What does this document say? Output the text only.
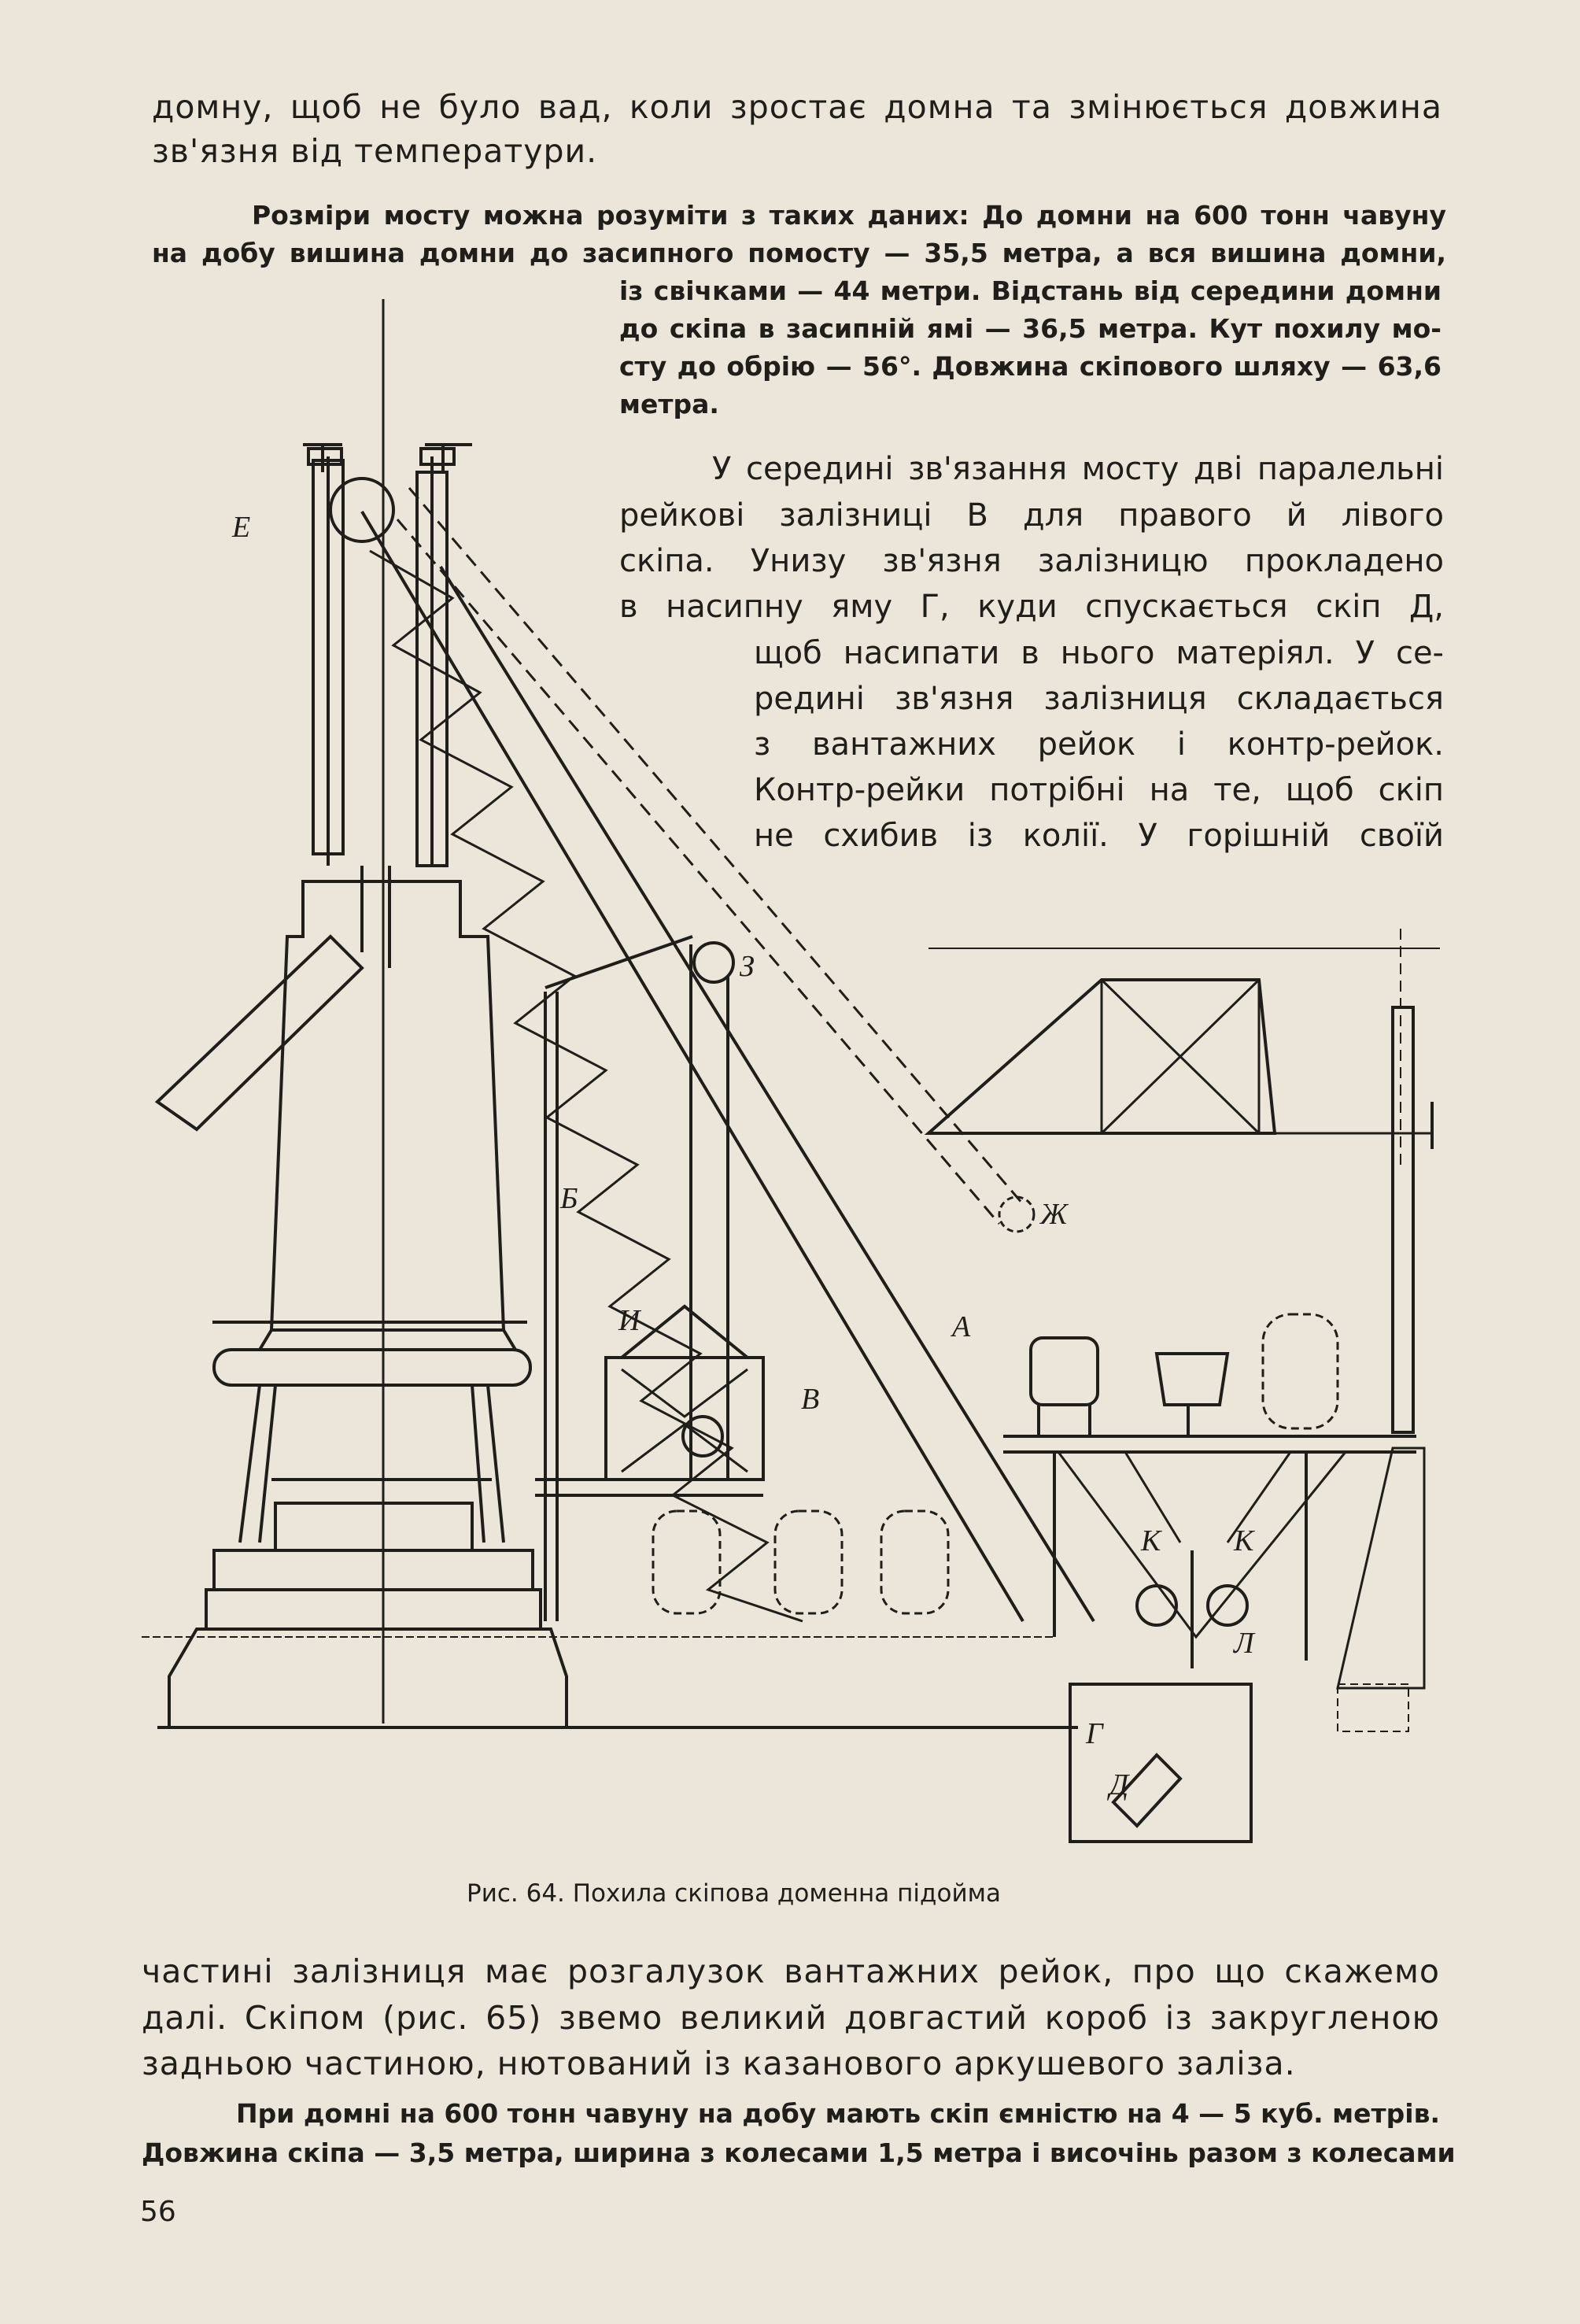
домну, щоб не було вад, коли зростає домна та змінюється довжина
зв'язня від температури.
Розміри мосту можна розуміти з таких даних: До домни на 600 тонн чавуну
на добу вишина домни до засипного помосту — 35,5 метра, а вся вишина домни,
із свічками — 44 метри. Відстань від середини домни
до скіпа в засипній ямі — 36,5 метра. Кут похилу мо-
сту до обрію — 56°. Довжина скіпового шляху — 63,6
метра.
У середині зв'язання мосту дві паралельні
рейкові залізниці В для правого й лівого
скіпа. Унизу зв'язня залізницю прокладено
в насипну яму Г, куди спускається скіп Д,
щоб насипати в нього матеріял. У се-
редині зв'язня залізниця складається
з вантажних рейок і контр-рейок.
Контр-рейки потрібні на те, щоб скіп
не схибив із колії. У горішній своїй
Е
З
Ж
Б
И	А
В
К К
Л
Г
Д
Рис. 64. Похила скіпова доменна підойма
частині залізниця має розгалузок вантажних рейок, про що скажемо
далі. Скіпом (рис. 65) звемо великий довгастий короб із закругленою
задньою частиною, нютований із казанового аркушевого заліза.
При домні на 600 тонн чавуну на добу мають скіп ємністю на 4 — 5 куб. метрів.
Довжина скіпа — 3,5 метра, ширина з колесами 1,5 метра і височінь разом з колесами
56
